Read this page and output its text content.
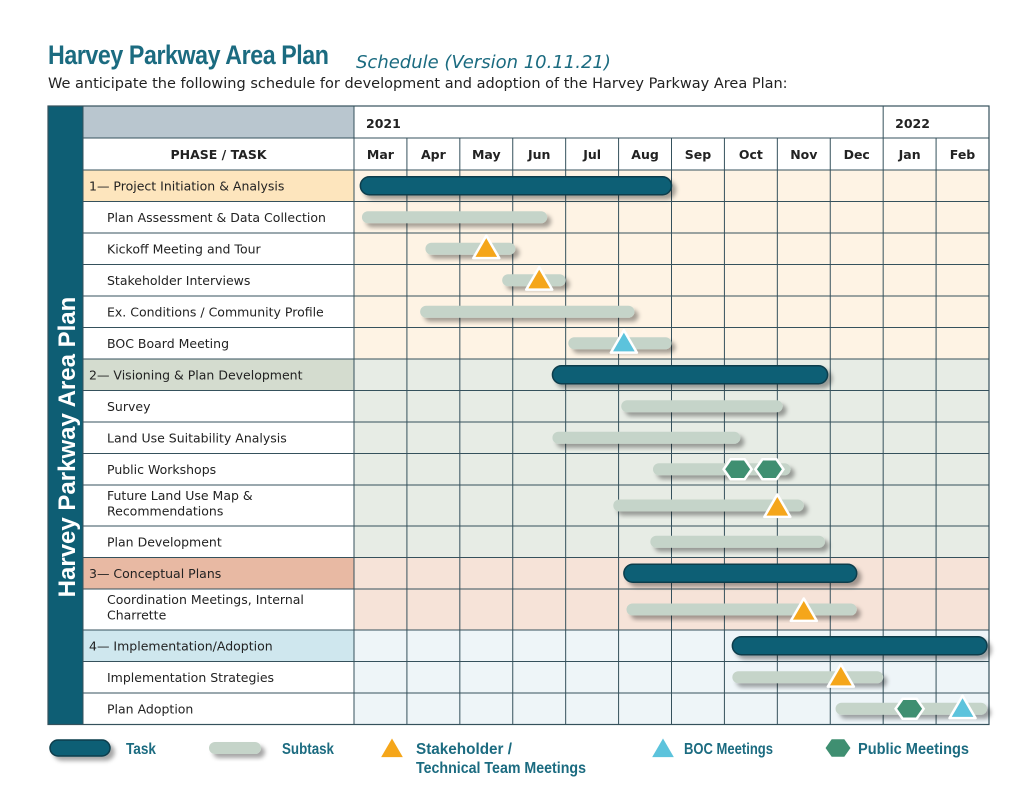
Harvey Parkway Area Plan Schedule (Version 10.11.21)
We anticipate the following schedule for development and adoption of the Harvey Parkway Area Plan:
Harvey Parkway Area Plan
PHASE / TASK
2021	2022
Mar Apr May Jun	Jul Aug Sep Oct Nov Dec Jan Feb
1— Project Initiation & Analysis
Plan Assessment & Data Collection
Kickoff Meeting and Tour
Stakeholder Interviews
Ex. Conditions / Community Profile
BOC Board Meeting
2— Visioning & Plan Development
Survey
Land Use Suitability Analysis
Public Workshops
Future Land Use Map &
Recommendations
Plan Development
3— Conceptual Plans
Coordination Meetings, Internal
Charrette
4— Implementation/Adoption
Implementation Strategies
Plan Adoption
Task	Subtask	Stakeholder /
Technical Team Meetings
BOC Meetings	Public Meetings
